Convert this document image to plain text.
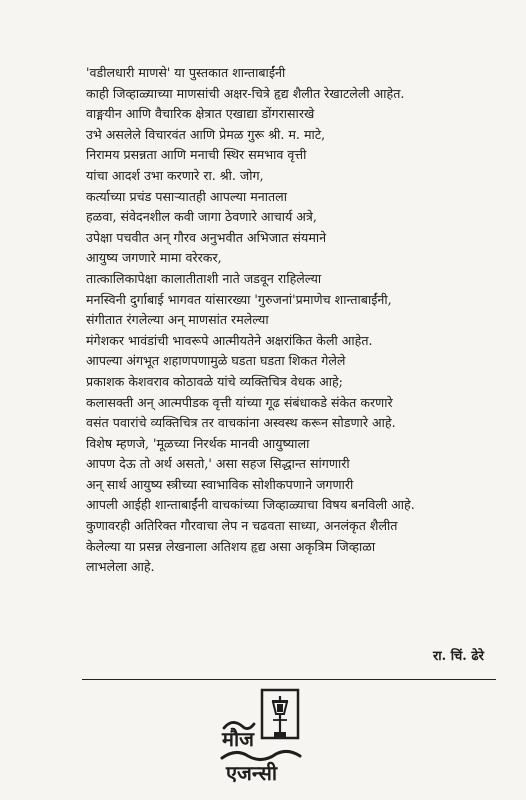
'वडीलधारी माणसे' या पुस्तकात शान्ताबाईंनी
काही जिव्हाळ्याच्या माणसांची अक्षर-चित्रे हृद्य शैलीत रेखाटलेली आहेत.
वाङ्मयीन आणि वैचारिक क्षेत्रात एखाद्या डोंगरासारखे
उभे असलेले विचारवंत आणि प्रेमळ गुरू श्री. म. माटे,
निरामय प्रसन्नता आणि मनाची स्थिर समभाव वृत्ती
यांचा आदर्श उभा करणारे रा. श्री. जोग,
कर्त्याच्या प्रचंड पसाऱ्यातही आपल्या मनातला
हळवा, संवेदनशील कवी जागा ठेवणारे आचार्य अत्रे,
उपेक्षा पचवीत अन् गौरव अनुभवीत अभिजात संयमाने
आयुष्य जगणारे मामा वरेरकर,
तात्कालिकापेक्षा कालातीताशी नाते जडवून राहिलेल्या
मनस्विनी दुर्गाबाई भागवत यांसारख्या 'गुरुजनां'प्रमाणेच शान्ताबाईंनी,
संगीतात रंगलेल्या अन् माणसांत रमलेल्या
मंगेशकर भावंडांची भावरूपे आत्मीयतेने अक्षरांकित केली आहेत.
आपल्या अंगभूत शहाणपणामुळे घडता घडता शिकत गेलेले
प्रकाशक केशवराव कोठावळे यांचे व्यक्तिचित्र वेधक आहे;
कलासक्ती अन् आत्मपीडक वृत्ती यांच्या गूढ संबंधाकडे संकेत करणारे
वसंत पवारांचे व्यक्तिचित्र तर वाचकांना अस्वस्थ करून सोडणारे आहे.
विशेष म्हणजे, 'मूळच्या निरर्थक मानवी आयुष्याला
आपण देऊ तो अर्थ असतो,' असा सहज सिद्धान्त सांगणारी
अन् सार्थ आयुष्य स्त्रीच्या स्वाभाविक सोशीकपणाने जगणारी
आपली आईही शान्ताबाईंनी वाचकांच्या जिव्हाळ्याचा विषय बनविली आहे.
कुणावरही अतिरिक्त गौरवाचा लेप न चढवता साध्या, अनलंकृत शैलीत
केलेल्या या प्रसन्न लेखनाला अतिशय हृद्य असा अकृत्रिम जिव्हाळा
लाभलेला आहे.
रा. चिं. ढेरे
मौज
एजन्सी
